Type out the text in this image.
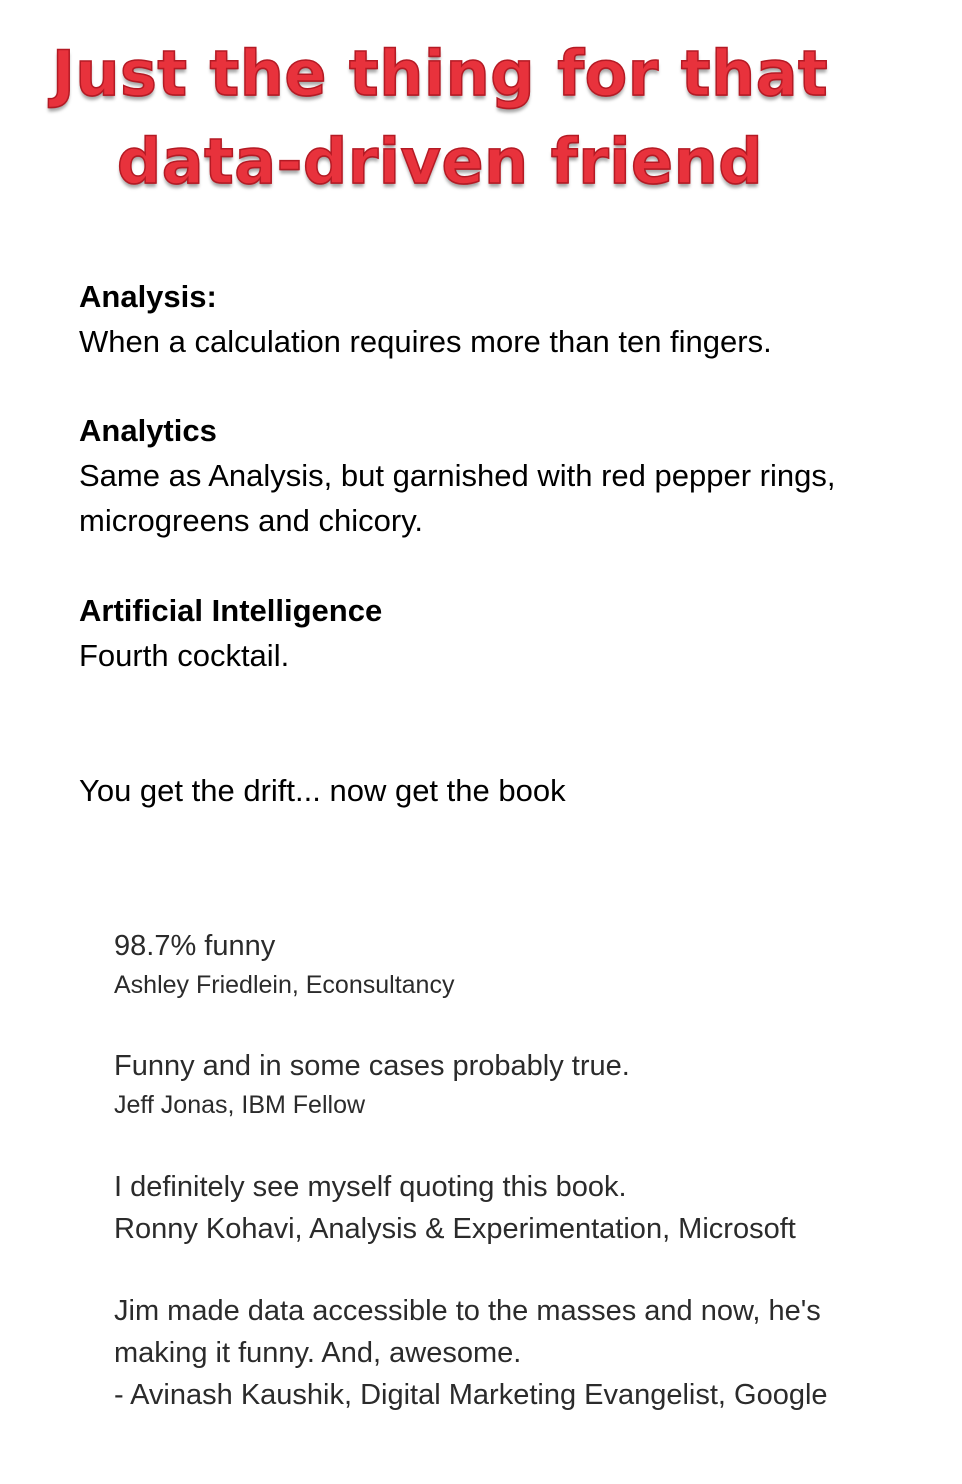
Just the thing for that
data-driven friend
Analysis:
When a calculation requires more than ten fingers.
Analytics
Same as Analysis, but garnished with red pepper rings,
microgreens and chicory.
Artificial Intelligence
Fourth cocktail.
You get the drift... now get the book
98.7% funny
Ashley Friedlein, Econsultancy
Funny and in some cases probably true.
Jeff Jonas, IBM Fellow
I definitely see myself quoting this book.
Ronny Kohavi, Analysis & Experimentation, Microsoft
Jim made data accessible to the masses and now, he's
making it funny. And, awesome.
- Avinash Kaushik, Digital Marketing Evangelist, Google
